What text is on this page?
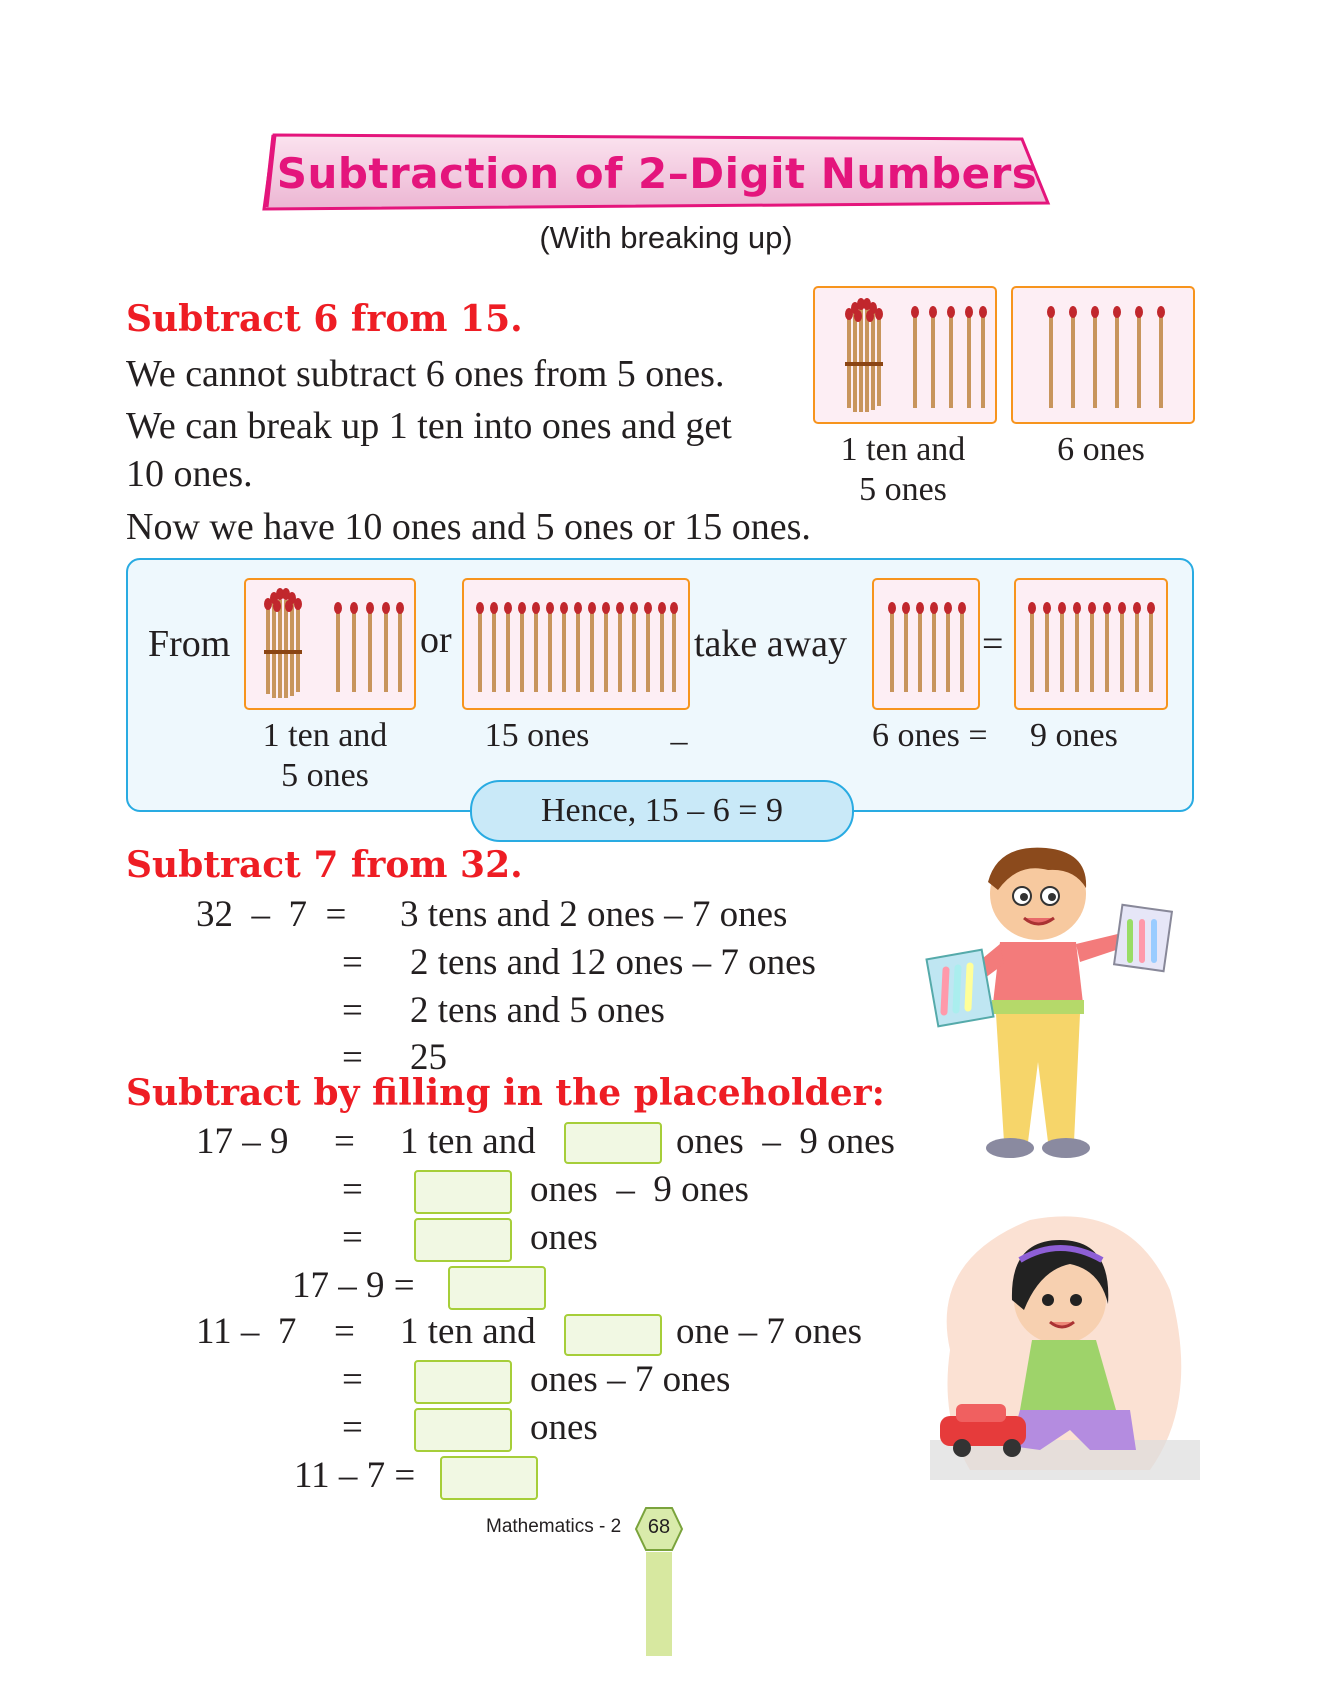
Subtraction of 2–Digit Numbers
(With breaking up)
Subtract 6 from 15.
We cannot subtract 6 ones from 5 ones.
We can break up 1 ten into ones and get
10 ones.
Now we have 10 ones and 5 ones or 15 ones.
1 ten and
5 ones
6 ones
From	or	take away	=
1 ten and
5 ones
15 ones	_	6 ones =	9 ones
Hence, 15 – 6 = 9
Subtract 7 from 32.
32  –  7  = 3 tens and 2 ones – 7 ones
= 2 tens and 12 ones – 7 ones
= 2 tens and 5 ones
= 25
Subtract by filling in the placeholder:
17 – 9 = 1 ten and	ones  –  9 ones
=	ones  –  9 ones
=	ones
17 – 9 =
11 –  7 = 1 ten and	one – 7 ones
=	ones – 7 ones
=	ones
11 – 7 =
Mathematics - 2	68
